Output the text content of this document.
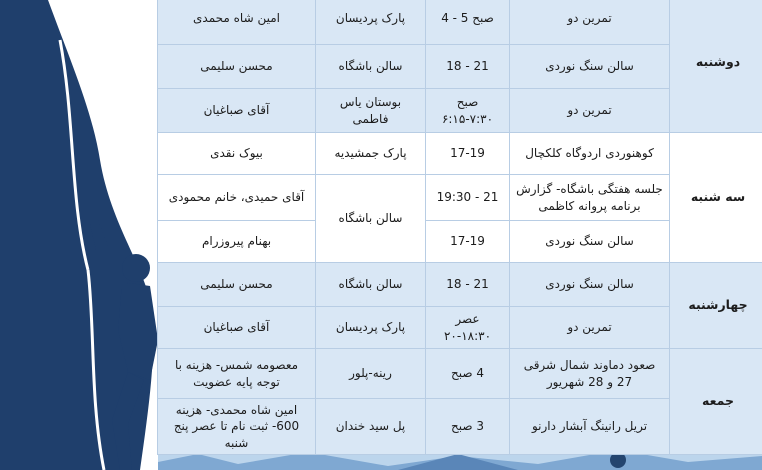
دوشنبه	تمرین دو	صبح 5 - 4	پارک پردیسان	امین شاه محمدی
	سالن سنگ نوردی	21 - 18	سالن باشگاه	محسن سلیمی
	تمرین دو	صبح ۷:۳۰-۶:۱۵	بوستان یاس فاطمی	آقای صباغیان
سه شنبه	کوهنوردی اردوگاه کلکچال	17-19	پارک جمشیدیه	بیوک نقدی
	جلسه هفتگی باشگاه- گزارش برنامه پروانه کاظمی	21 - 19:30	سالن باشگاه	آقای حمیدی، خانم محمودی
	سالن سنگ نوردی	17-19		بهنام پیروزرام
چهارشنبه	سالن سنگ نوردی	21 - 18	سالن باشگاه	محسن سلیمی
	تمرین دو	عصر ۱۸:۳۰-۲۰	پارک پردیسان	آقای صباغیان
جمعه	صعود دماوند شمال شرقی 27 و 28 شهریور	4 صبح	رینه-پلور	معصومه شمس- هزینه با توجه پایه عضویت
	تریل رانینگ آبشار دارنو	3 صبح	پل سید خندان	امین شاه محمدی- هزینه 600- ثبت نام تا عصر پنج شنبه
